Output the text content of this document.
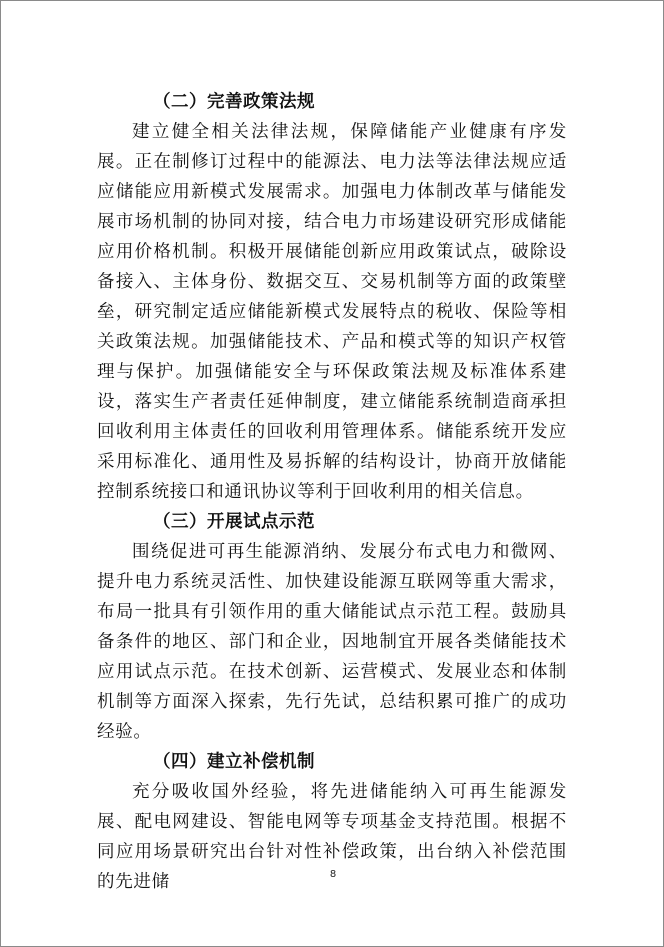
（二）完善政策法规

建立健全相关法律法规，保障储能产业健康有序发展。正在制修订过程中的能源法、电力法等法律法规应适应储能应用新模式发展需求。加强电力体制改革与储能发展市场机制的协同对接，结合电力市场建设研究形成储能应用价格机制。积极开展储能创新应用政策试点，破除设备接入、主体身份、数据交互、交易机制等方面的政策壁垒，研究制定适应储能新模式发展特点的税收、保险等相关政策法规。加强储能技术、产品和模式等的知识产权管理与保护。加强储能安全与环保政策法规及标准体系建设，落实生产者责任延伸制度，建立储能系统制造商承担回收利用主体责任的回收利用管理体系。储能系统开发应采用标准化、通用性及易拆解的结构设计，协商开放储能控制系统接口和通讯协议等利于回收利用的相关信息。

（三）开展试点示范

围绕促进可再生能源消纳、发展分布式电力和微网、提升电力系统灵活性、加快建设能源互联网等重大需求，布局一批具有引领作用的重大储能试点示范工程。鼓励具备条件的地区、部门和企业，因地制宜开展各类储能技术应用试点示范。在技术创新、运营模式、发展业态和体制机制等方面深入探索，先行先试，总结积累可推广的成功经验。

（四）建立补偿机制

充分吸收国外经验，将先进储能纳入可再生能源发展、配电网建设、智能电网等专项基金支持范围。根据不同应用场景研究出台针对性补偿政策，出台纳入补偿范围的先进储	8
